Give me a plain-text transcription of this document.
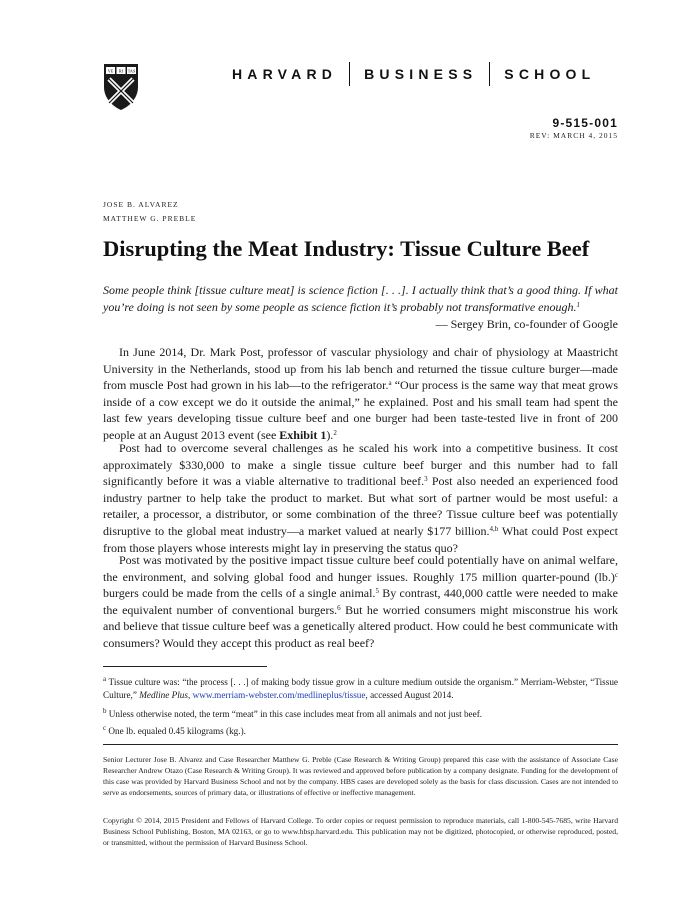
VE RI TAS	HARVARD BUSINESS SCHOOL
9-515-001
REV: MARCH 4, 2015
JOSE B. ALVAREZ
MATTHEW G. PREBLE
Disrupting the Meat Industry: Tissue Culture Beef
Some people think [tissue culture meat] is science fiction [. . .]. I actually think that’s a good thing. If what you’re doing is not seen by some people as science fiction it’s probably not transformative enough.$^1$
— Sergey Brin, co-founder of Google

In June 2014, Dr. Mark Post, professor of vascular physiology and chair of physiology at Maastricht University in the Netherlands, stood up from his lab bench and returned the tissue culture burger—made from muscle Post had grown in his lab—to the refrigerator.$^a$ “Our process is the same way that meat grows inside of a cow except we do it outside the animal,” he explained. Post and his small team had spent the last few years developing tissue culture beef and one burger had been taste-tested live in front of 200 people at an August 2013 event (see Exhibit 1).$^2$

Post had to overcome several challenges as he scaled his work into a competitive business. It cost approximately $330,000 to make a single tissue culture beef burger and this number had to fall significantly before it was a viable alternative to traditional beef.$^3$ Post also needed an experienced food industry partner to help take the product to market. But what sort of partner would be most useful: a retailer, a processor, a distributor, or some combination of the three? Tissue culture beef was potentially disruptive to the global meat industry—a market valued at nearly $177 billion.$^{4,b}$ What could Post expect from those players whose interests might lay in preserving the status quo?

Post was motivated by the positive impact tissue culture beef could potentially have on animal welfare, the environment, and solving global food and hunger issues. Roughly 175 million quarter-pound $(lb.)^c$ burgers could be made from the cells of a single animal.$^5$ By contrast, 440,000 cattle were needed to make the equivalent number of conventional burgers.$^6$ But he worried consumers might misconstrue his work and believe that tissue culture beef was a genetically altered product. How could he best communicate with consumers? Would they accept this product as real beef?

$^a$ Tissue culture was: “the process [. . .] of making body tissue grow in a culture medium outside the organism.” Merriam-Webster, “Tissue Culture,” Medline Plus, www.merriam-webster.com/medlineplus/tissue, accessed August 2014.

$^b$ Unless otherwise noted, the term “meat” in this case includes meat from all animals and not just beef.

$^c$ One lb. equaled 0.45 kilograms (kg.).

Senior Lecturer Jose B. Alvarez and Case Researcher Matthew G. Preble (Case Research & Writing Group) prepared this case with the assistance of Associate Case Researcher Andrew Otazo (Case Research & Writing Group). It was reviewed and approved before publication by a company designate. Funding for the development of this case was provided by Harvard Business School and not by the company. HBS cases are developed solely as the basis for class discussion. Cases are not intended to serve as endorsements, sources of primary data, or illustrations of effective or ineffective management.

Copyright © 2014, 2015 President and Fellows of Harvard College. To order copies or request permission to reproduce materials, call 1-800-545-7685, write Harvard Business School Publishing, Boston, MA 02163, or go to www.hbsp.harvard.edu. This publication may not be digitized, photocopied, or otherwise reproduced, posted, or transmitted, without the permission of Harvard Business School.
